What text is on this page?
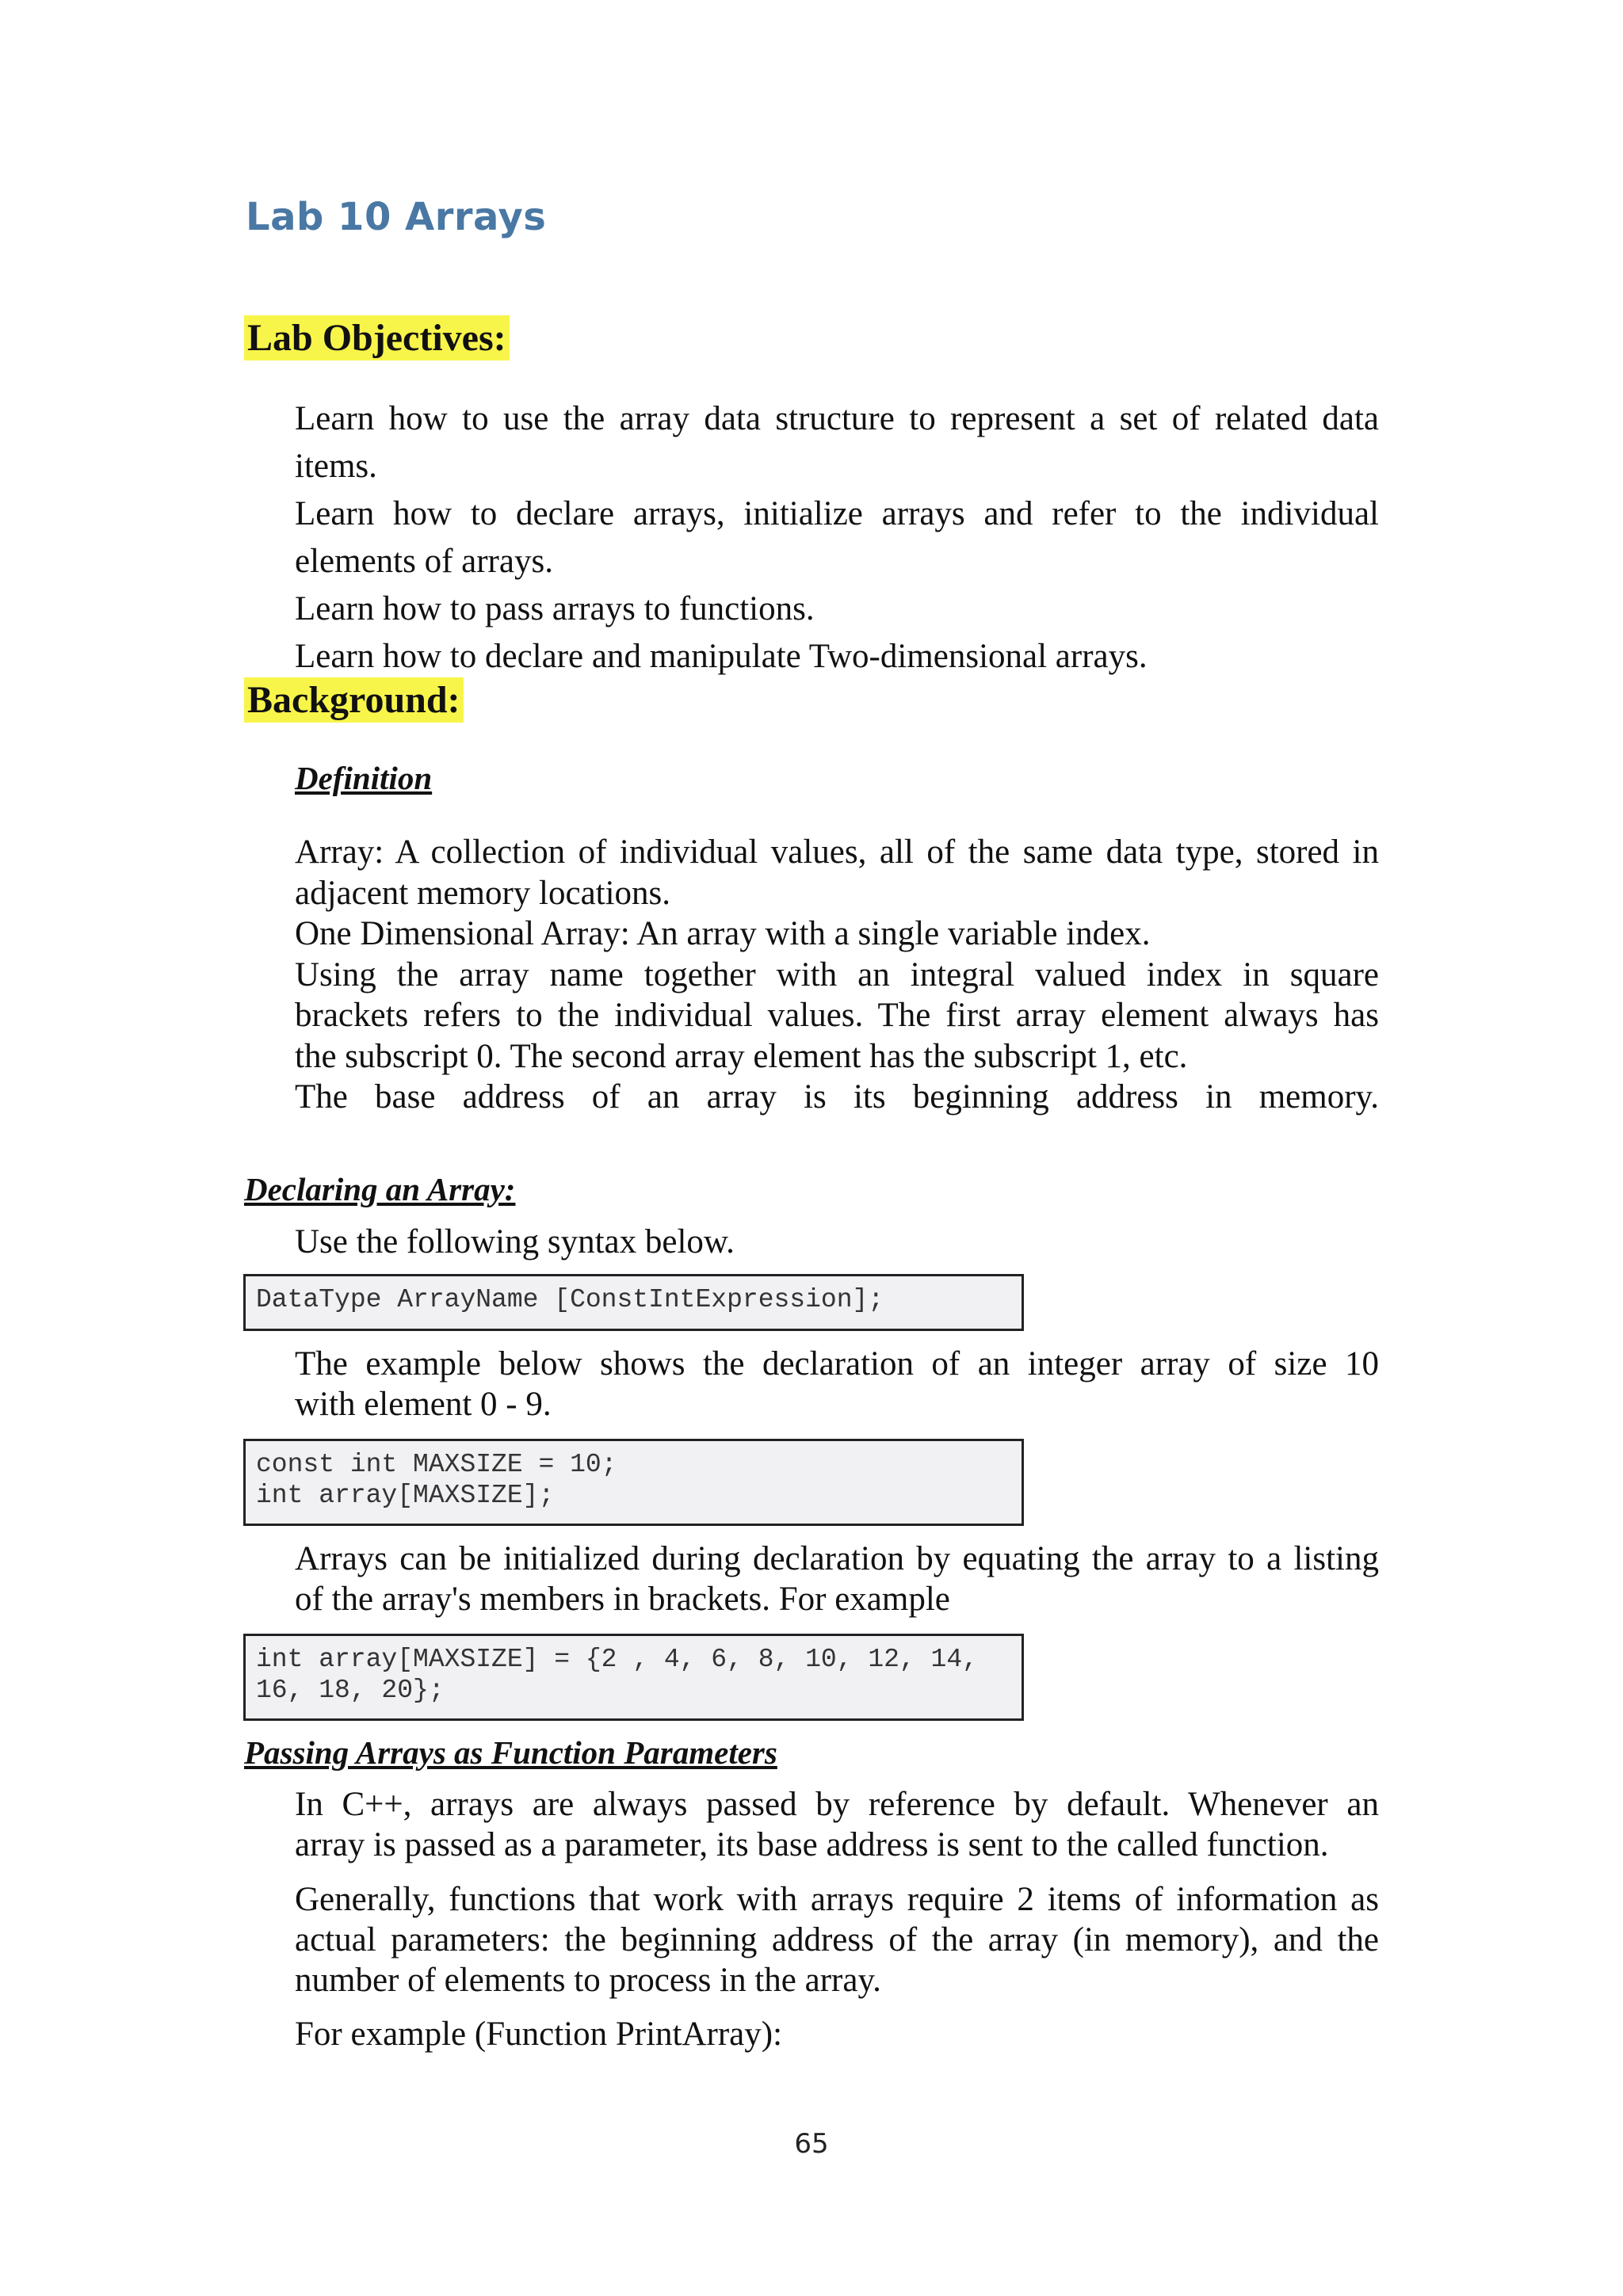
Lab 10 Arrays
Lab Objectives:
Learn how to use the array data structure to represent a set of related data
items.
Learn how to declare arrays, initialize arrays and refer to the individual
elements of arrays.
Learn how to pass arrays to functions.
Learn how to declare and manipulate Two-dimensional arrays.
Background:
Definition
Array: A collection of individual values, all of the same data type, stored in
adjacent memory locations.
One Dimensional Array: An array with a single variable index.
Using the array name together with an integral valued index in square
brackets refers to the individual values. The first array element always has
the subscript 0. The second array element has the subscript 1, etc.
The base address of an array is its beginning address in memory.
Declaring an Array:
Use the following syntax below.
DataType ArrayName [ConstIntExpression];
The example below shows the declaration of an integer array of size 10
with element 0 - 9.
const int MAXSIZE = 10;
int array[MAXSIZE];
Arrays can be initialized during declaration by equating the array to a listing
of the array's members in brackets. For example
int array[MAXSIZE] = {2 , 4, 6, 8, 10, 12, 14,
16, 18, 20};
Passing Arrays as Function Parameters
In C++, arrays are always passed by reference by default. Whenever an
array is passed as a parameter, its base address is sent to the called function.
Generally, functions that work with arrays require 2 items of information as
actual parameters: the beginning address of the array (in memory), and the
number of elements to process in the array.
For example (Function PrintArray):
65
